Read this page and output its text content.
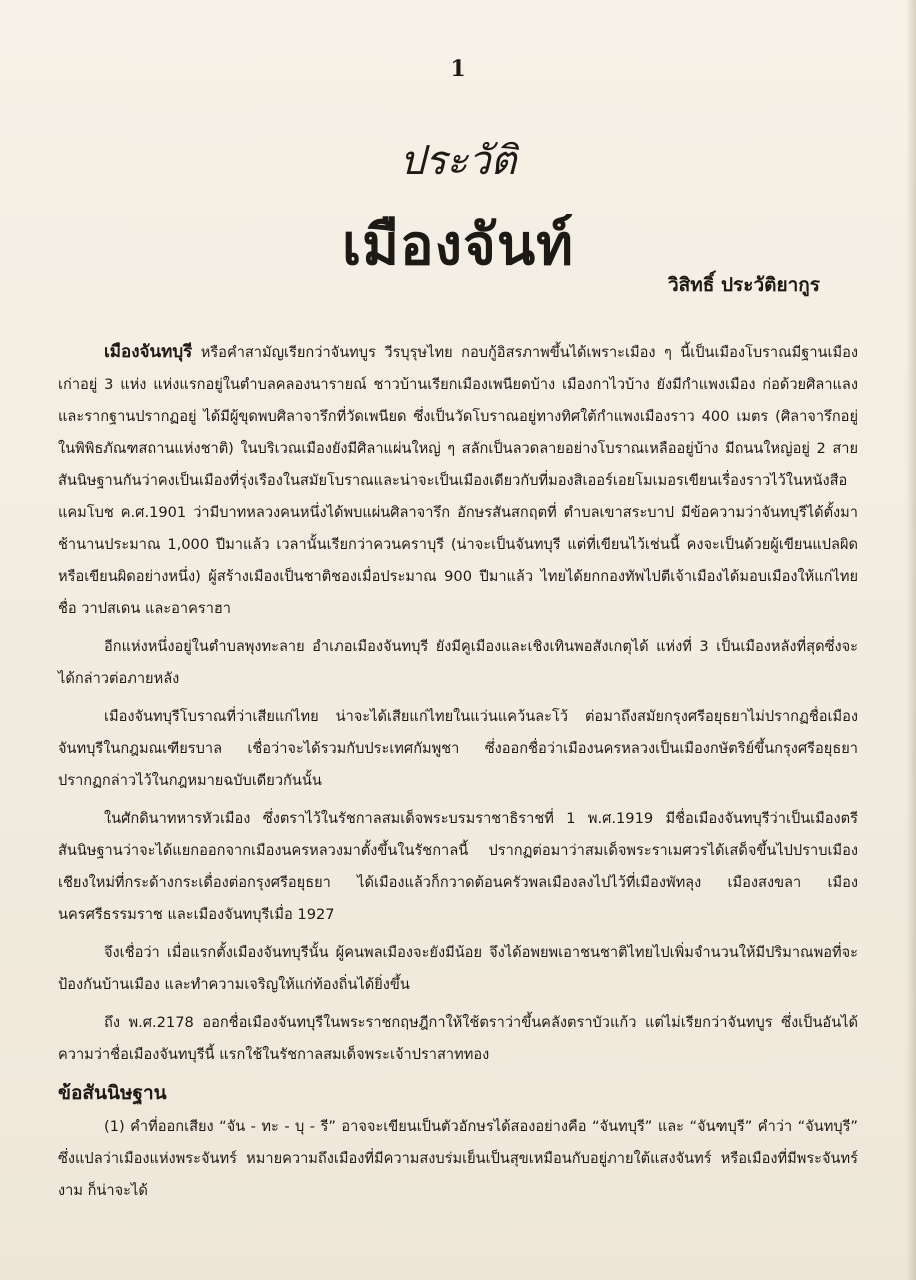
1
ประวัติ
เมืองจันท์
วิสิทธิ์ ประวัติยากูร

เมืองจันทบุรี หรือคำสามัญเรียกว่าจันทบูร วีรบุรุษไทย กอบกู้อิสรภาพขึ้นได้เพราะเมือง ๆ นี้เป็นเมืองโบราณมีฐานเมืองเก่าอยู่ 3 แห่ง แห่งแรกอยู่ในตำบลคลองนารายณ์ ชาวบ้านเรียกเมืองเพนียดบ้าง เมืองกาไวบ้าง ยังมีกำแพงเมือง ก่อด้วยศิลาแลงและรากฐานปรากฏอยู่ ได้มีผู้ขุดพบศิลาจารึกที่วัดเพนียด ซึ่งเป็นวัดโบราณอยู่ทางทิศใต้กำแพงเมืองราว 400 เมตร (ศิลาจารึกอยู่ในพิพิธภัณฑสถานแห่งชาติ) ในบริเวณเมืองยังมีศิลาแผ่นใหญ่ ๆ สลักเป็นลวดลายอย่างโบราณเหลืออยู่บ้าง มีถนนใหญ่อยู่ 2 สาย สันนิษฐานกันว่าคงเป็นเมืองที่รุ่งเรืองในสมัยโบราณและน่าจะเป็นเมืองเดียวกับที่มองสิเออร์เอยโมเมอรเขียนเรื่องราวไว้ในหนังสือ แคมโบช ค.ศ.1901 ว่ามีบาทหลวงคนหนึ่งได้พบแผ่นศิลาจารึก อักษรสันสกฤตที่ ตำบลเขาสระบาป มีข้อความว่าจันทบุรีได้ตั้งมาช้านานประมาณ 1,000 ปีมาแล้ว เวลานั้นเรียกว่าควนคราบุรี (น่าจะเป็นจันทบุรี แต่ที่เขียนไว้เช่นนี้ คงจะเป็นด้วยผู้เขียนแปลผิดหรือเขียนผิดอย่างหนึ่ง) ผู้สร้างเมืองเป็นชาติชองเมื่อประมาณ 900 ปีมาแล้ว ไทยได้ยกกองทัพไปตีเจ้าเมืองได้มอบเมืองให้แก่ไทยชื่อ วาปสเดน และอาคราฮา

อีกแห่งหนึ่งอยู่ในตำบลพุงทะลาย อำเภอเมืองจันทบุรี ยังมีคูเมืองและเชิงเทินพอสังเกตุได้ แห่งที่ 3 เป็นเมืองหลังที่สุดซึ่งจะได้กล่าวต่อภายหลัง

เมืองจันทบุรีโบราณที่ว่าเสียแก่ไทย น่าจะได้เสียแก่ไทยในแว่นแคว้นละโว้ ต่อมาถึงสมัยกรุงศรีอยุธยาไม่ปรากฏชื่อเมืองจันทบุรีในกฎมณเฑียรบาล เชื่อว่าจะได้รวมกับประเทศกัมพูชา ซึ่งออกชื่อว่าเมืองนครหลวงเป็นเมืองกษัตริย์ขึ้นกรุงศรีอยุธยาปรากฏกล่าวไว้ในกฎหมายฉบับเดียวกันนั้น

ในศักดินาทหารหัวเมือง ซึ่งตราไว้ในรัชกาลสมเด็จพระบรมราชาธิราชที่ 1 พ.ศ.1919 มีชื่อเมืองจันทบุรีว่าเป็นเมืองตรี สันนิษฐานว่าจะได้แยกออกจากเมืองนครหลวงมาตั้งขึ้นในรัชกาลนี้ ปรากฏต่อมาว่าสมเด็จพระราเมศวรได้เสด็จขึ้นไปปราบเมืองเชียงใหม่ที่กระด้างกระเดื่องต่อกรุงศรีอยุธยา ได้เมืองแล้วก็กวาดต้อนครัวพลเมืองลงไปไว้ที่เมืองพัทลุง เมืองสงขลา เมืองนครศรีธรรมราช และเมืองจันทบุรีเมื่อ 1927

จึงเชื่อว่า เมื่อแรกตั้งเมืองจันทบุรีนั้น ผู้คนพลเมืองจะยังมีน้อย จึงได้อพยพเอาชนชาติไทยไปเพิ่มจำนวนให้มีปริมาณพอที่จะป้องกันบ้านเมือง และทำความเจริญให้แก่ท้องถิ่นได้ยิ่งขึ้น

ถึง พ.ศ.2178 ออกชื่อเมืองจันทบุรีในพระราชกฤษฎีกาให้ใช้ตราว่าขึ้นคลังตราบัวแก้ว แต่ไม่เรียกว่าจันทบูร ซึ่งเป็นอันได้ความว่าชื่อเมืองจันทบุรีนี้ แรกใช้ในรัชกาลสมเด็จพระเจ้าปราสาททอง

ข้อสันนิษฐาน

(1) คำที่ออกเสียง “จัน - ทะ - บุ - รี” อาจจะเขียนเป็นตัวอักษรได้สองอย่างคือ “จันทบุรี” และ “จันฑบุรี” คำว่า “จันทบุรี” ซึ่งแปลว่าเมืองแห่งพระจันทร์ หมายความถึงเมืองที่มีความสงบร่มเย็นเป็นสุขเหมือนกับอยู่ภายใต้แสงจันทร์ หรือเมืองที่มีพระจันทร์งาม ก็น่าจะได้
